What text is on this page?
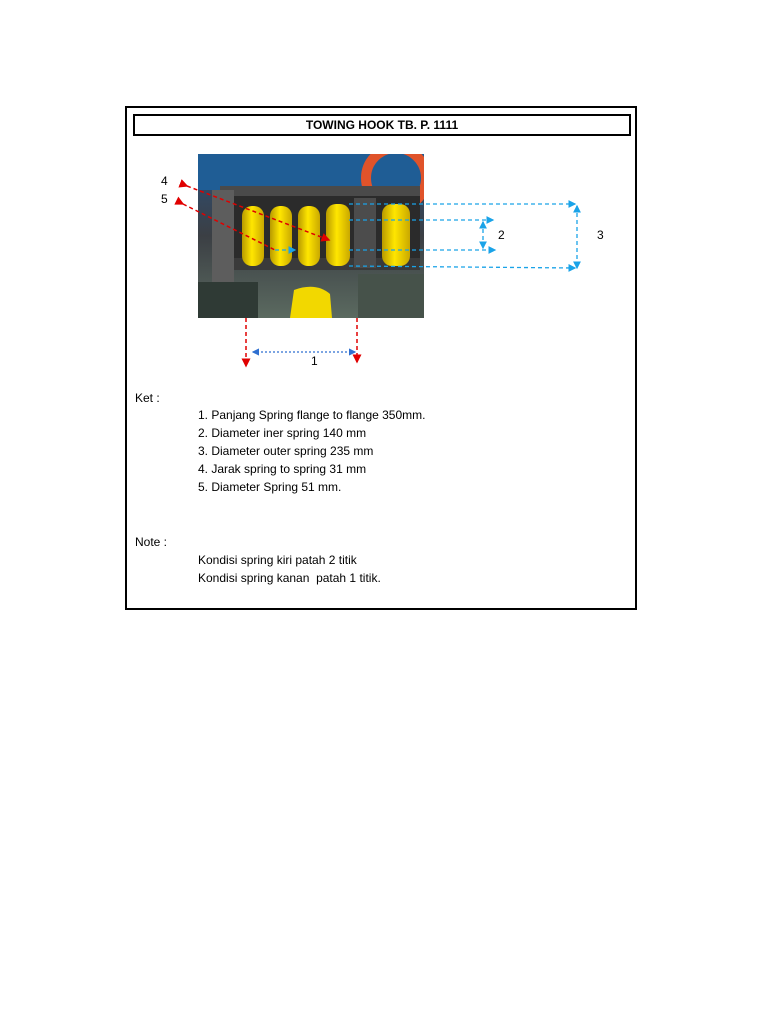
TOWING HOOK TB. P. 1111
4
5
2	3
1
Ket :
1. Panjang Spring flange to flange 350mm.
2. Diameter iner spring 140 mm
3. Diameter outer spring 235 mm
4. Jarak spring to spring 31 mm
5. Diameter Spring 51 mm.
Note :
Kondisi spring kiri patah 2 titik
Kondisi spring kanan  patah 1 titik.
